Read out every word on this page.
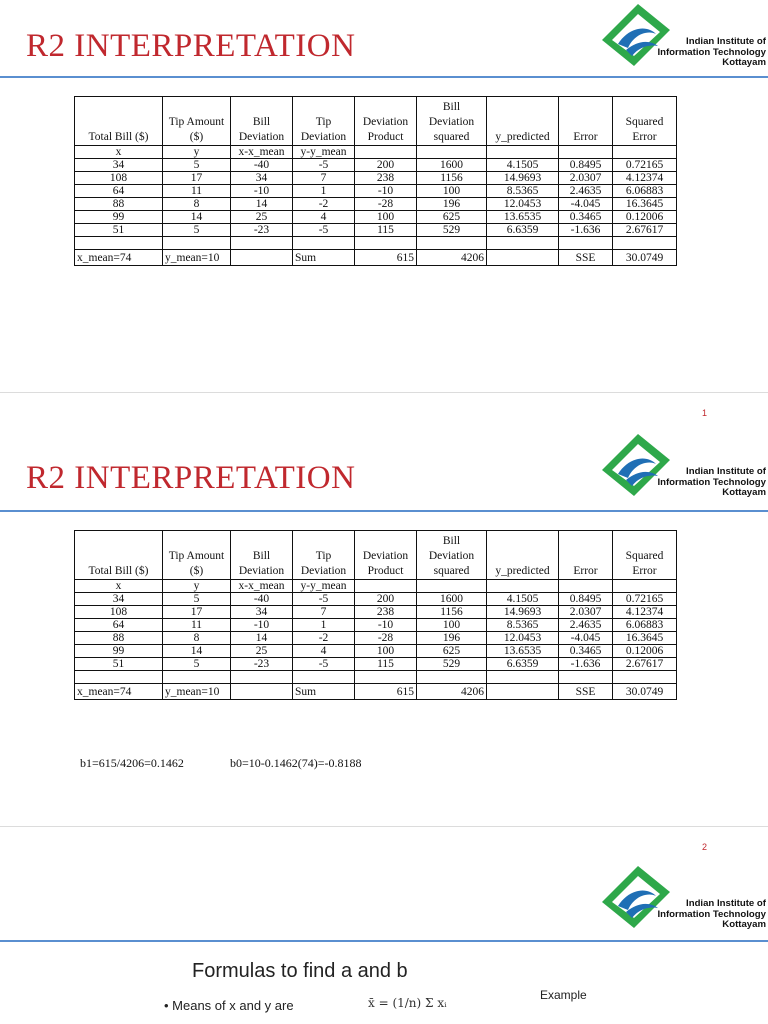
R2 INTERPRETATION	Indian Institute of
Information Technology
Kottayam
Total Bill ($)	Tip Amount ($)	Bill Deviation	Tip Deviation	Deviation Product	Bill Deviation squared	y_predicted	Error	Squared Error
x	y	x-x_mean	y-y_mean					
34	5	-40	-5	200	1600	4.1505	0.8495	0.72165
108	17	34	7	238	1156	14.9693	2.0307	4.12374
64	11	-10	1	-10	100	8.5365	2.4635	6.06883
88	8	14	-2	-28	196	12.0453	-4.045	16.3645
99	14	25	4	100	625	13.6535	0.3465	0.12006
51	5	-23	-5	115	529	6.6359	-1.636	2.67617

x_mean=74	y_mean=10		Sum	615	4206		SSE	30.0749
1
R2 INTERPRETATION	Indian Institute of
Information Technology
Kottayam
Total Bill ($)	Tip Amount ($)	Bill Deviation	Tip Deviation	Deviation Product	Bill Deviation squared	y_predicted	Error	Squared Error
x	y	x-x_mean	y-y_mean					
34	5	-40	-5	200	1600	4.1505	0.8495	0.72165
108	17	34	7	238	1156	14.9693	2.0307	4.12374
64	11	-10	1	-10	100	8.5365	2.4635	6.06883
88	8	14	-2	-28	196	12.0453	-4.045	16.3645
99	14	25	4	100	625	13.6535	0.3465	0.12006
51	5	-23	-5	115	529	6.6359	-1.636	2.67617

x_mean=74	y_mean=10		Sum	615	4206		SSE	30.0749
b1=615/4206=0.1462	b0=10-0.1462(74)=-0.8188
2
Indian Institute of
Information Technology
Kottayam
Formulas to find a and b
• Means of x and y are	x̄ = (1/n) Σ xᵢ
Example
